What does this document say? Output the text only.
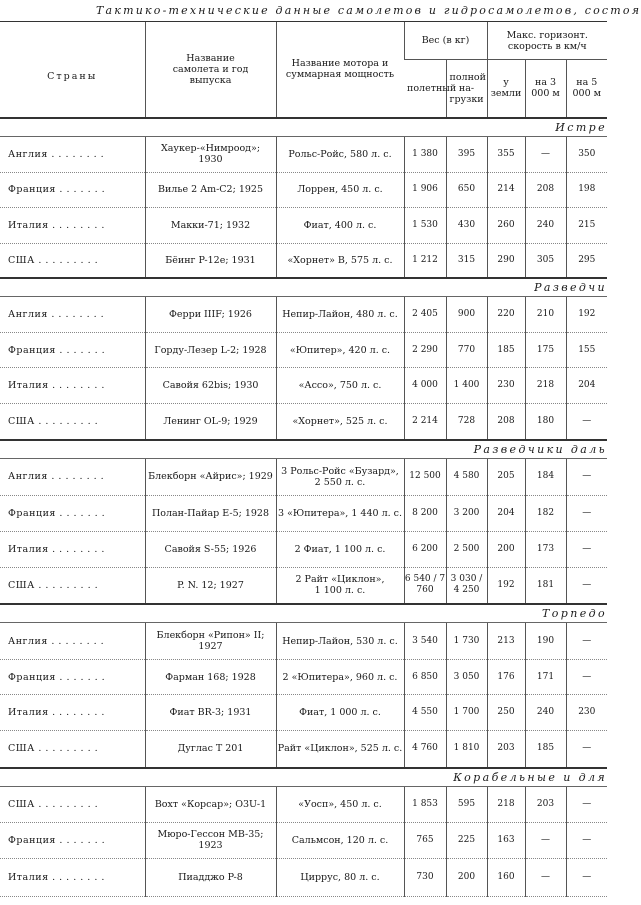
Тактико-технические данные самолетов и гидросамолетов, состоя
Страны	Название самолета и год выпуска	Название мотора и суммарная мощность	Вес (в кг)		Макс. горизонт. скорость в км/ч		
			полетный	полной на-грузки	у земли	на 3 000 м	на 5 000 м
Истре							
Англия . . . . . . . .	Хаукер-«Нимроод»;
1930	Рольс-Ройс, 580 л. с.	1 380	395	355	—	350
Франция . . . . . . .	Вилье 2 Am-C2; 1925	Лоррен, 450 л. с.	1 906	650	214	208	198
Италия . . . . . . . .	Макки-71; 1932	Фиат, 400 л. с.	1 530	430	260	240	215
США . . . . . . . . .	Бёинг P-12e; 1931	«Хорнет» B, 575 л. с.	1 212	315	290	305	295
Разведчи							
Англия . . . . . . . .	Ферри IIIF; 1926	Непир-Лайон, 480 л. с.	2 405	900	220	210	192
Франция . . . . . . .	Горду-Лезер L-2; 1928	«Юпитер», 420 л. с.	2 290	770	185	175	155
Италия . . . . . . . .	Савойя 62bis; 1930	«Ассо», 750 л. с.	4 000	1 400	230	218	204
США . . . . . . . . .	Ленинг OL-9; 1929	«Хорнет», 525 л. с.	2 214	728	208	180	—
Разведчики даль							
Англия . . . . . . . .	Блекборн «Айрис»; 1929	3 Рольс-Ройс «Бузард»,
2 550 л. с.	12 500	4 580	205	184	—
Франция . . . . . . .	Полан-Пайар E-5; 1928	3 «Юпитера», 1 440 л. с.	8 200	3 200	204	182	—
Италия . . . . . . . .	Савойя S-55; 1926	2 Фиат, 1 100 л. с.	6 200	2 500	200	173	—
США . . . . . . . . .	P. N. 12; 1927	2 Райт «Циклон»,
1 100 л. с.	6 540 / 7 760	3 030 / 4 250	192	181	—
Торпедо							
Англия . . . . . . . .	Блекборн «Рипон» II;
1927	Непир-Лайон, 530 л. с.	3 540	1 730	213	190	—
Франция . . . . . . .	Фарман 168; 1928	2 «Юпитера», 960 л. с.	6 850	3 050	176	171	—
Италия . . . . . . . .	Фиат BR-3; 1931	Фиат, 1 000 л. с.	4 550	1 700	250	240	230
США . . . . . . . . .	Дуглас T 201	Райт «Циклон», 525 л. с.	4 760	1 810	203	185	—
Корабельные и для							
США . . . . . . . . .	Вохт «Корсар»; O3U-1	«Уосп», 450 л. с.	1 853	595	218	203	—
Франция . . . . . . .	Мюро-Гессон MB-35;
1923	Сальмсон, 120 л. с.	765	225	163	—	—
Италия . . . . . . . .	Пиадджо P-8	Циррус, 80 л. с.	730	200	160	—	—
